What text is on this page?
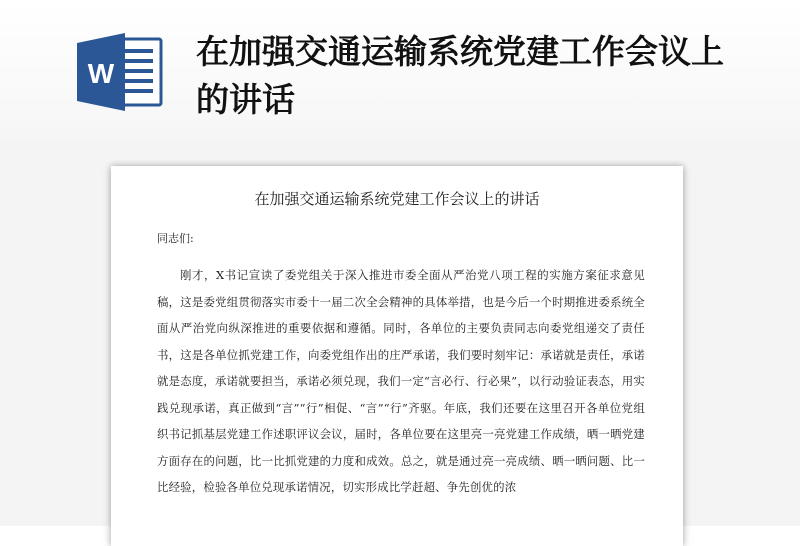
W
在加强交通运输系统党建工作会议上的讲话
在加强交通运输系统党建工作会议上的讲话
同志们:
刚才，X书记宣读了委党组关于深入推进市委全面从严治党八项工程的实施方案征求意见稿，这是委党组贯彻落实市委十一届二次全会精神的具体举措，也是今后一个时期推进委系统全面从严治党向纵深推进的重要依据和遵循。同时，各单位的主要负责同志向委党组递交了责任书，这是各单位抓党建工作，向委党组作出的庄严承诺，我们要时刻牢记：承诺就是责任，承诺就是态度，承诺就要担当，承诺必须兑现，我们一定“言必行、行必果”，以行动验证表态，用实践兑现承诺，真正做到“言”“行”相促、“言”“行”齐驱。年底，我们还要在这里召开各单位党组织书记抓基层党建工作述职评议会议，届时，各单位要在这里亮一亮党建工作成绩，晒一晒党建方面存在的问题，比一比抓党建的力度和成效。总之，就是通过亮一亮成绩、晒一晒问题、比一比经验，检验各单位兑现承诺情况，切实形成比学赶超、争先创优的浓
